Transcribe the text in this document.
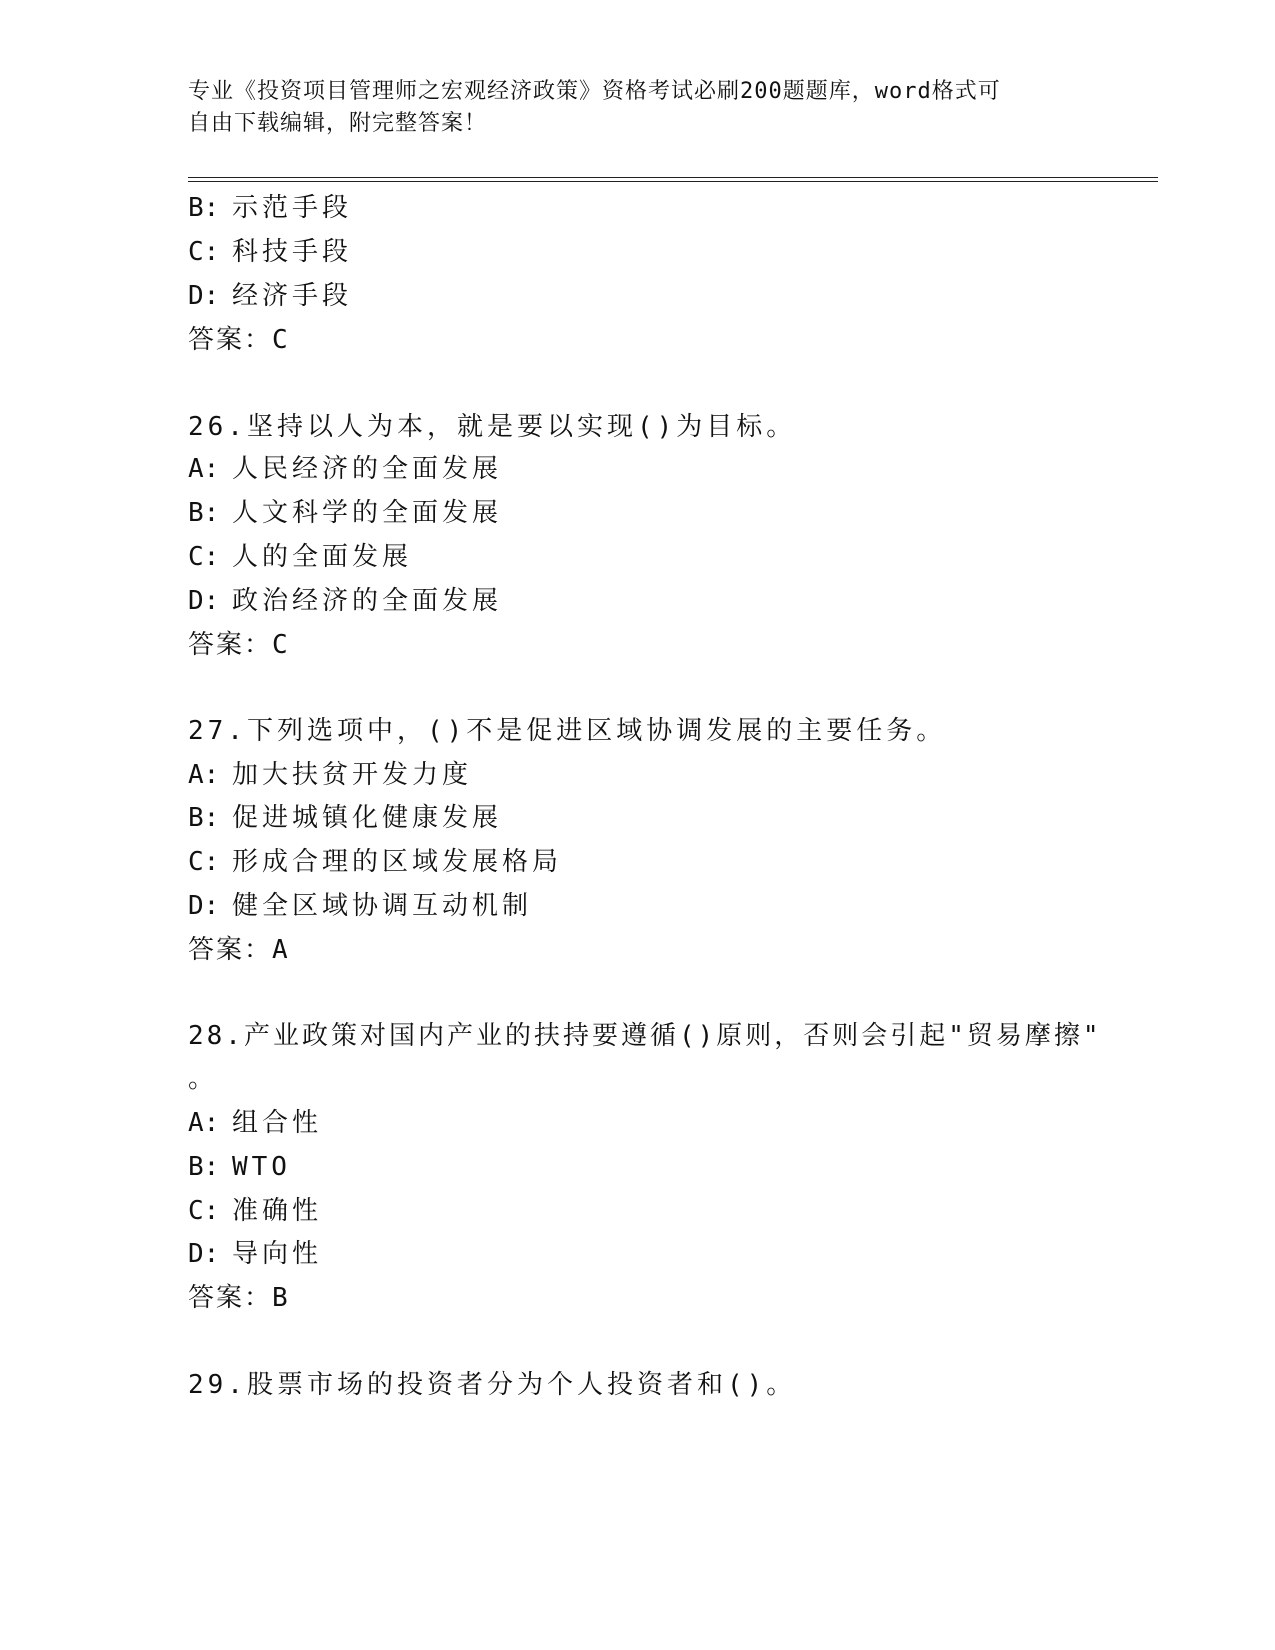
专业《投资项目管理师之宏观经济政策》资格考试必刷200题题库，word格式可
自由下载编辑，附完整答案！
B: 示范手段
C: 科技手段
D: 经济手段
答案：C
26.坚持以人为本，就是要以实现()为目标。
A: 人民经济的全面发展
B: 人文科学的全面发展
C: 人的全面发展
D: 政治经济的全面发展
答案：C
27.下列选项中，()不是促进区域协调发展的主要任务。
A: 加大扶贫开发力度
B: 促进城镇化健康发展
C: 形成合理的区域发展格局
D: 健全区域协调互动机制
答案：A
28.产业政策对国内产业的扶持要遵循()原则，否则会引起"贸易摩擦"
。
A: 组合性
B: WTO
C: 准确性
D: 导向性
答案：B
29.股票市场的投资者分为个人投资者和()。
